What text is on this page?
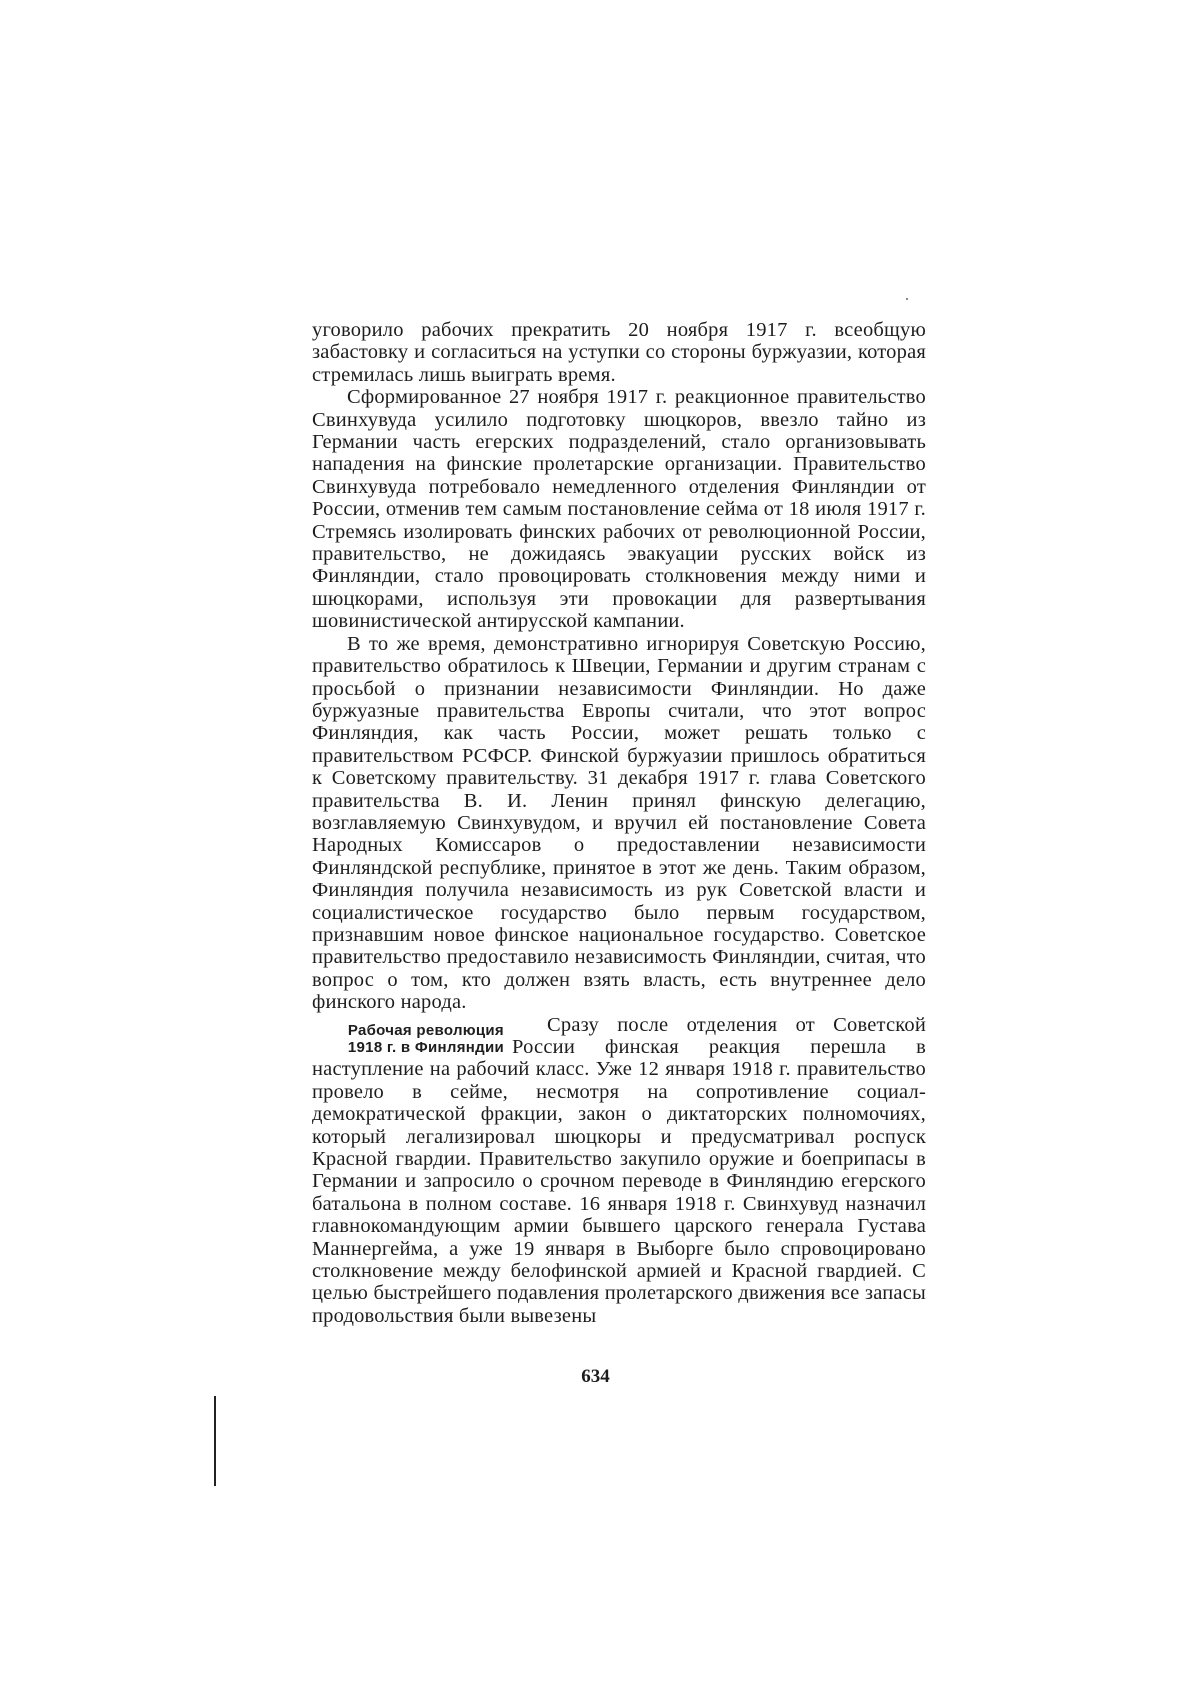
уговорило рабочих прекратить 20 ноября 1917 г. всеобщую забастовку и согласиться на уступки со стороны буржуазии, которая стремилась лишь выиграть время.

Сформированное 27 ноября 1917 г. реакционное правительство Свинхувуда усилило подготовку шюцкоров, ввезло тайно из Германии часть егерских подразделений, стало организовывать нападения на финские пролетарские организации. Правительство Свинхувуда потребовало немедленного отделения Финляндии от России, отменив тем самым постановление сейма от 18 июля 1917 г. Стремясь изолировать финских рабочих от революционной России, правительство, не дожидаясь эвакуации русских войск из Финляндии, стало провоцировать столкновения между ними и шюцкорами, используя эти провокации для развертывания шовинистической антирусской кампании.

В то же время, демонстративно игнорируя Советскую Россию, правительство обратилось к Швеции, Германии и другим странам с просьбой о признании независимости Финляндии. Но даже буржуазные правительства Европы считали, что этот вопрос Финляндия, как часть России, может решать только с правительством РСФСР. Финской буржуазии пришлось обратиться к Советскому правительству. 31 декабря 1917 г. глава Советского правительства В. И. Ленин принял финскую делегацию, возглавляемую Свинхувудом, и вручил ей постановление Совета Народных Комиссаров о предоставлении независимости Финляндской республике, принятое в этот же день. Таким образом, Финляндия получила независимость из рук Советской власти и социалистическое государство было первым государством, признавшим новое финское национальное государство. Советское правительство предоставило независимость Финляндии, считая, что вопрос о том, кто должен взять власть, есть внутреннее дело финского народа.

Рабочая революция
1918 г. в Финляндии

Сразу после отделения от Советской России финская реакция перешла в наступление на рабочий класс. Уже 12 января 1918 г. правительство провело в сейме, несмотря на сопротивление социал-демократической фракции, закон о диктаторских полномочиях, который легализировал шюцкоры и предусматривал роспуск Красной гвардии. Правительство закупило оружие и боеприпасы в Германии и запросило о срочном переводе в Финляндию егерского батальона в полном составе. 16 января 1918 г. Свинхувуд назначил главнокомандующим армии бывшего царского генерала Густава Маннергейма, а уже 19 января в Выборге было спровоцировано столкновение между белофинской армией и Красной гвардией. С целью быстрейшего подавления пролетарского движения все запасы продовольствия были вывезены

634
